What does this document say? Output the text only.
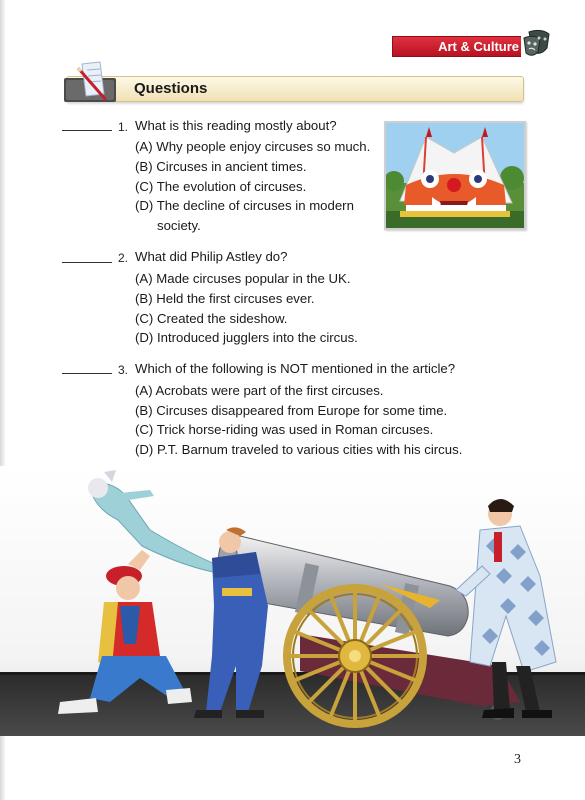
Art & Culture
Questions
1. What is this reading mostly about?
(A) Why people enjoy circuses so much.
(B) Circuses in ancient times.
(C) The evolution of circuses.
(D) The decline of circuses in modern
society.
2. What did Philip Astley do?
(A) Made circuses popular in the UK.
(B) Held the first circuses ever.
(C) Created the sideshow.
(D) Introduced jugglers into the circus.
3. Which of the following is NOT mentioned in the article?
(A) Acrobats were part of the first circuses.
(B) Circuses disappeared from Europe for some time.
(C) Trick horse-riding was used in Roman circuses.
(D) P.T. Barnum traveled to various cities with his circus.
3
